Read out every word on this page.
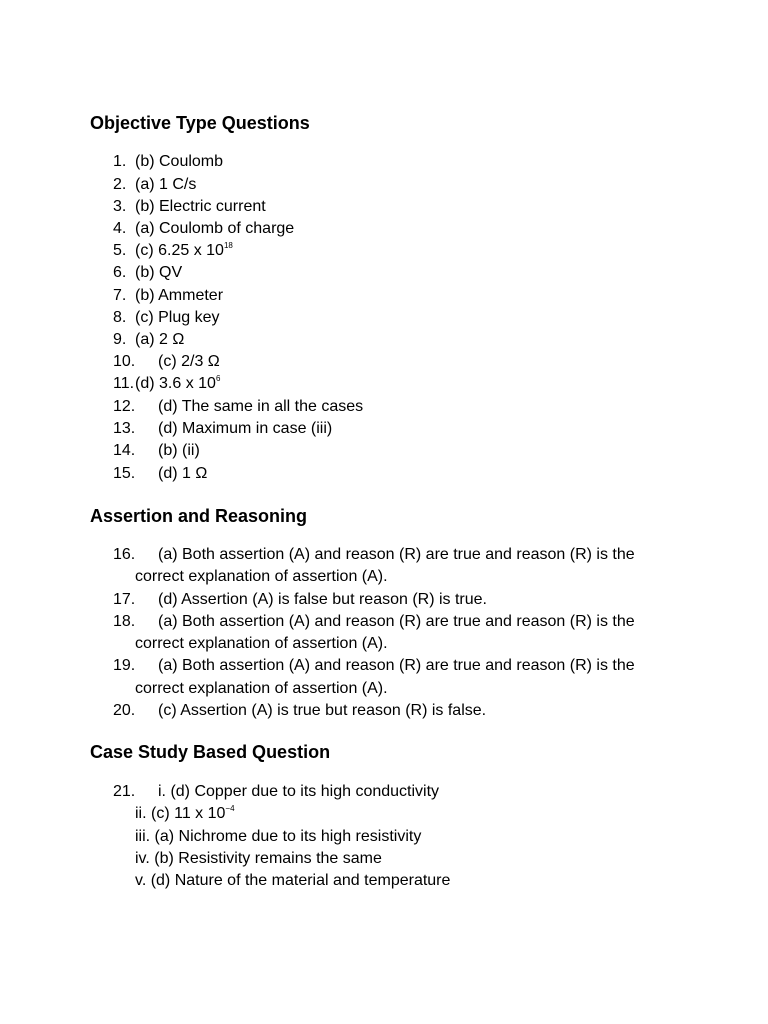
Objective Type Questions
1. (b) Coulomb
2. (a) 1 C/s
3. (b) Electric current
4. (a) Coulomb of charge
5. (c) 6.25 x $10^{18}$
6. (b) QV
7. (b) Ammeter
8. (c) Plug key
9. (a) 2 Ω
10. (c) 2/3 Ω
11. (d) 3.6 x $10^6$
12. (d) The same in all the cases
13. (d) Maximum in case (iii)
14. (b) (ii)
15. (d) 1 Ω
Assertion and Reasoning
16. (a) Both assertion (A) and reason (R) are true and reason (R) is the
correct explanation of assertion (A).
17. (d) Assertion (A) is false but reason (R) is true.
18. (a) Both assertion (A) and reason (R) are true and reason (R) is the
correct explanation of assertion (A).
19. (a) Both assertion (A) and reason (R) are true and reason (R) is the
correct explanation of assertion (A).
20. (c) Assertion (A) is true but reason (R) is false.
Case Study Based Question
21. i. (d) Copper due to its high conductivity
ii. (c) 11 x $10^{-4}$
iii. (a) Nichrome due to its high resistivity
iv. (b) Resistivity remains the same
v. (d) Nature of the material and temperature
